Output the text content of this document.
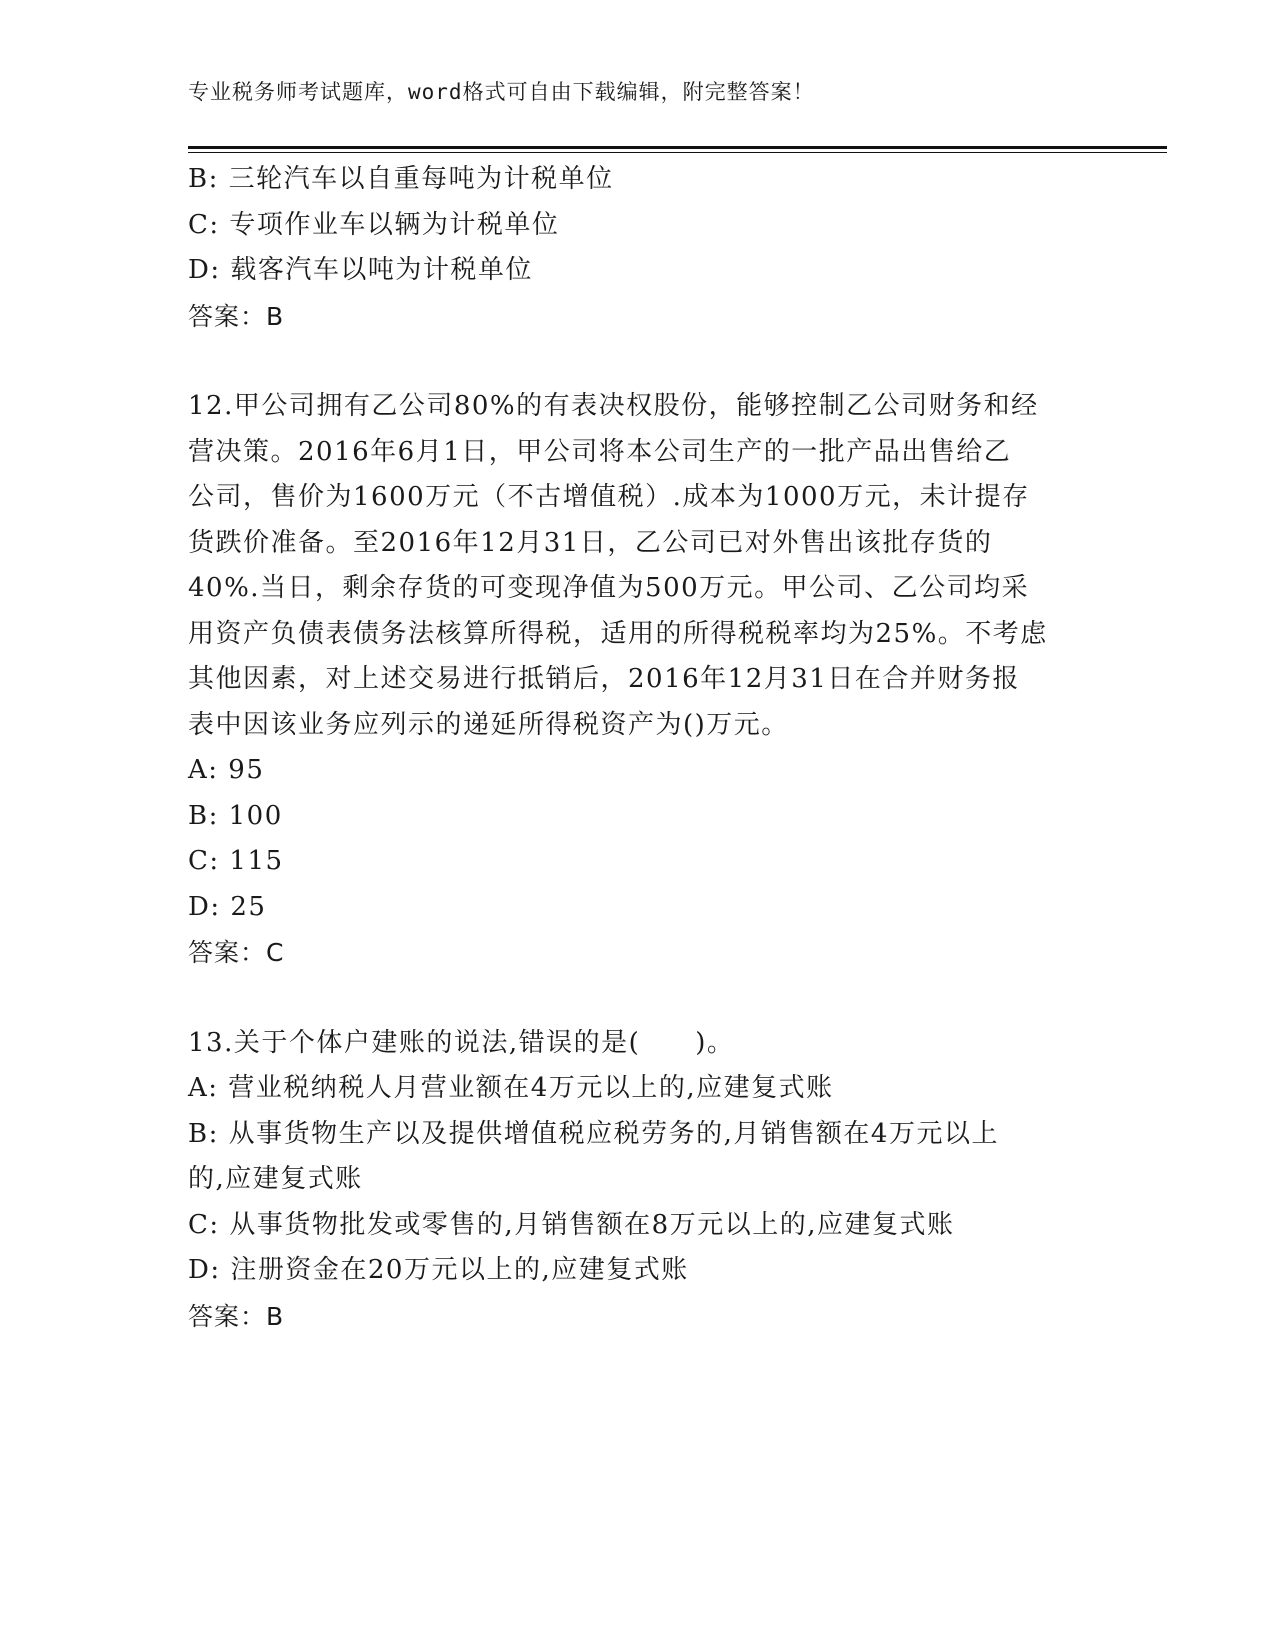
专业税务师考试题库，word格式可自由下载编辑，附完整答案！
B: 三轮汽车以自重每吨为计税单位
C: 专项作业车以辆为计税单位
D: 载客汽车以吨为计税单位
答案：B
12.甲公司拥有乙公司80%的有表决权股份，能够控制乙公司财务和经
营决策。2016年6月1日，甲公司将本公司生产的一批产品出售给乙
公司，售价为1600万元（不古增值税）.成本为1000万元，未计提存
货跌价准备。至2016年12月31日，乙公司已对外售出该批存货的
40%.当日，剩余存货的可变现净值为500万元。甲公司、乙公司均采
用资产负债表债务法核算所得税，适用的所得税税率均为25%。不考虑
其他因素，对上述交易进行抵销后，2016年12月31日在合并财务报
表中因该业务应列示的递延所得税资产为()万元。
A: 95
B: 100
C: 115
D: 25
答案：C
13.关于个体户建账的说法,错误的是(　　)。
A: 营业税纳税人月营业额在4万元以上的,应建复式账
B: 从事货物生产以及提供增值税应税劳务的,月销售额在4万元以上
的,应建复式账
C: 从事货物批发或零售的,月销售额在8万元以上的,应建复式账
D: 注册资金在20万元以上的,应建复式账
答案：B
